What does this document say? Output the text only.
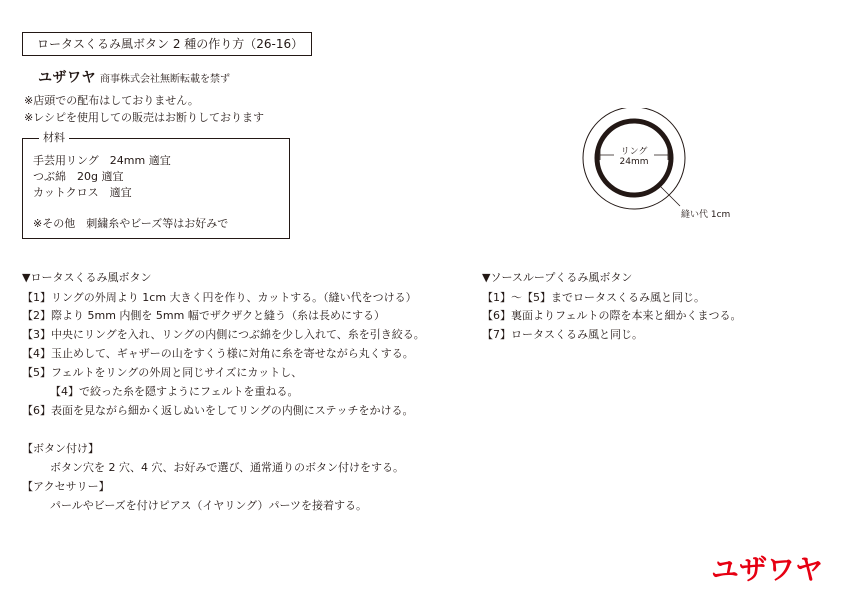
ロータスくるみ風ボタン 2 種の作り方（26-16）
ユザワヤ 商事株式会社無断転載を禁ず
※店頭での配布はしておりません。
※レシピを使用しての販売はお断りしております
材料
手芸用リング　24mm 適宜
つぶ綿　20g 適宜
カットクロス　適宜
※その他　刺繍糸やビーズ等はお好みで
リング
24mm
縫い代 1cm
▼ロータスくるみ風ボタン
【1】リングの外周より 1cm 大きく円を作り、カットする。（縫い代をつける）
【2】際より 5mm 内側を 5mm 幅でザクザクと縫う（糸は長めにする）
【3】中央にリングを入れ、リングの内側につぶ綿を少し入れて、糸を引き絞る。
【4】玉止めして、ギャザーの山をすくう様に対角に糸を寄せながら丸くする。
【5】フェルトをリングの外周と同じサイズにカットし、
【4】で絞った糸を隠すようにフェルトを重ねる。
【6】表面を見ながら細かく返しぬいをしてリングの内側にステッチをかける。
【ボタン付け】
ボタン穴を 2 穴、4 穴、お好みで選び、通常通りのボタン付けをする。
【アクセサリー】
パールやビーズを付けピアス（イヤリング）パーツを接着する。
▼ソースループくるみ風ボタン
【1】～【5】までロータスくるみ風と同じ。
【6】裏面よりフェルトの際を本来と細かくまつる。
【7】ロータスくるみ風と同じ。
ユザワヤ
